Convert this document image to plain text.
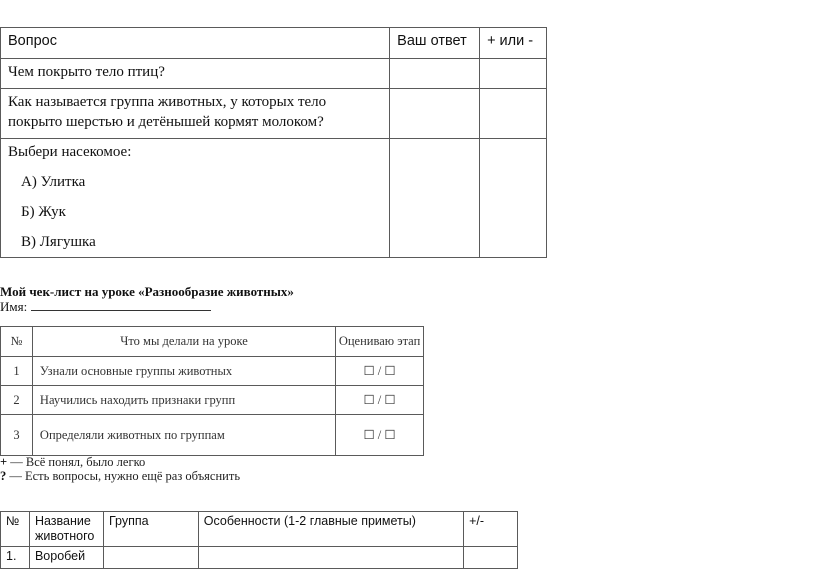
Вопрос	Ваш ответ	+ или -
Чем покрыто тело птиц?		
Как называется группа животных, у которых тело покрыто шерстью и детёнышей кормят молоком?		

Выбери насекомое:
А) Улитка
Б) Жук
В) Лягушка		

Мой чек-лист на уроке «Разнообразие животных»
Имя:
№	Что мы делали на уроке	Оцениваю этап
1	Узнали основные группы животных	☐ / ☐
2	Научились находить признаки групп	☐ / ☐
3	Определяли животных по группам	☐ / ☐
+ — Всё понял, было легко
? — Есть вопросы, нужно ещё раз объяснить
№	Название животного	Группа	Особенности (1-2 главные приметы)	+/-
1.	Воробей			
